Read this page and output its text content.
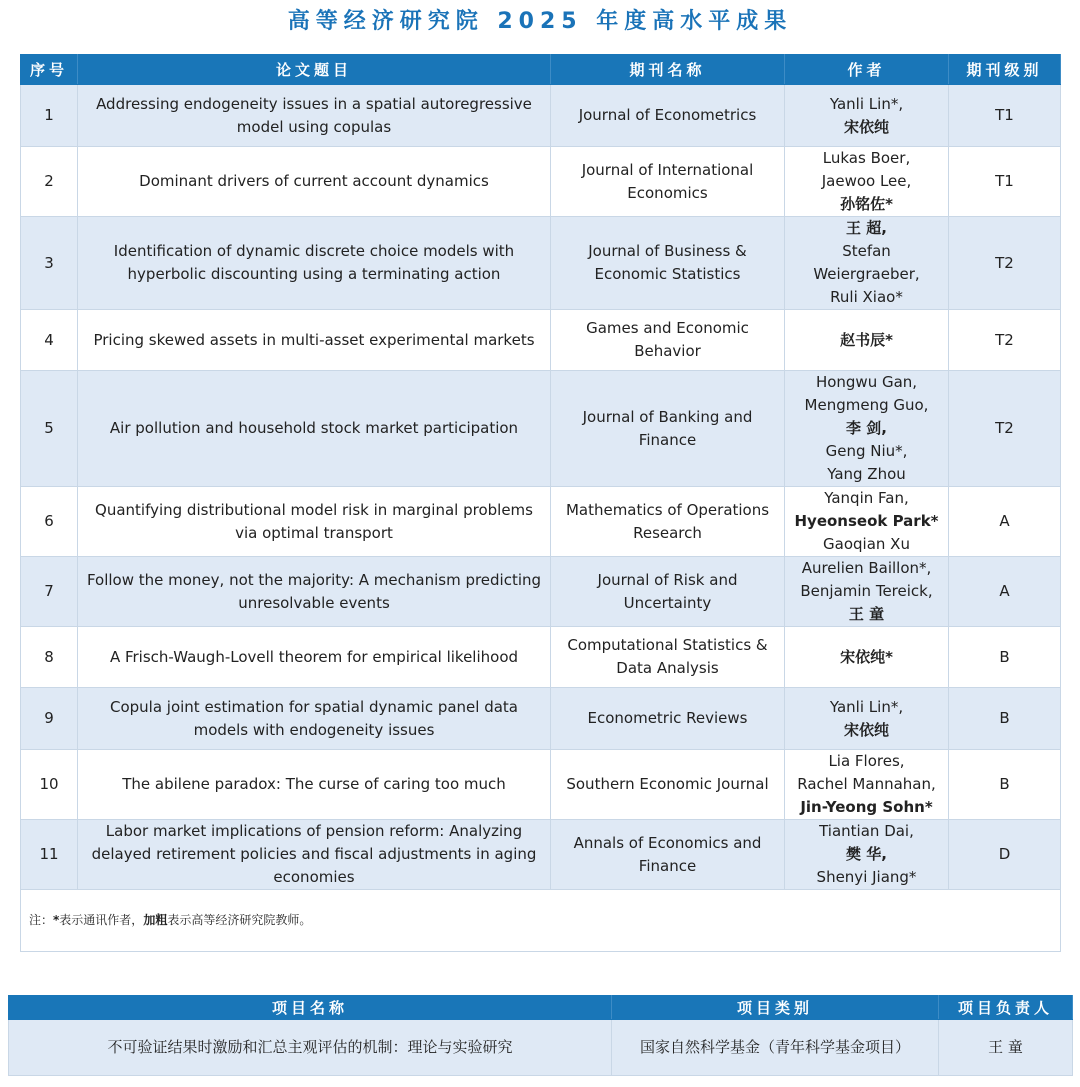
高等经济研究院 2025 年度高水平成果
序号	论文题目	期刊名称	作者	期刊级别
1	Addressing endogeneity issues in a spatial autoregressive model using copulas	Journal of Econometrics	Yanli Lin*,
宋依纯	T1
2	Dominant drivers of current account dynamics	Journal of International Economics	Lukas Boer,
Jaewoo Lee,
孙铭佐*	T1
3	Identification of dynamic discrete choice models with hyperbolic discounting using a terminating action	Journal of Business & Economic Statistics	王 超,
Stefan
Weiergraeber,
Ruli Xiao*	T2
4	Pricing skewed assets in multi-asset experimental markets	Games and Economic Behavior	赵书辰*	T2
5	Air pollution and household stock market participation	Journal of Banking and Finance	Hongwu Gan,
Mengmeng Guo,
李 剑,
Geng Niu*,
Yang Zhou	T2
6	Quantifying distributional model risk in marginal problems via optimal transport	Mathematics of Operations Research	Yanqin Fan,
Hyeonseok Park*
Gaoqian Xu	A
7	Follow the money, not the majority: A mechanism predicting unresolvable events	Journal of Risk and Uncertainty	Aurelien Baillon*,
Benjamin Tereick,
王 童	A
8	A Frisch-Waugh-Lovell theorem for empirical likelihood	Computational Statistics & Data Analysis	宋依纯*	B
9	Copula joint estimation for spatial dynamic panel data models with endogeneity issues	Econometric Reviews	Yanli Lin*,
宋依纯	B
10	The abilene paradox: The curse of caring too much	Southern Economic Journal	Lia Flores,
Rachel Mannahan,
Jin-Yeong Sohn*	B
11	Labor market implications of pension reform: Analyzing delayed retirement policies and fiscal adjustments in aging economies	Annals of Economics and Finance	Tiantian Dai,
樊 华,
Shenyi Jiang*	D
注：*表示通讯作者，加粗表示高等经济研究院教师。				
项目名称	项目类别	项目负责人
不可验证结果时激励和汇总主观评估的机制：理论与实验研究	国家自然科学基金（青年科学基金项目）	王 童
